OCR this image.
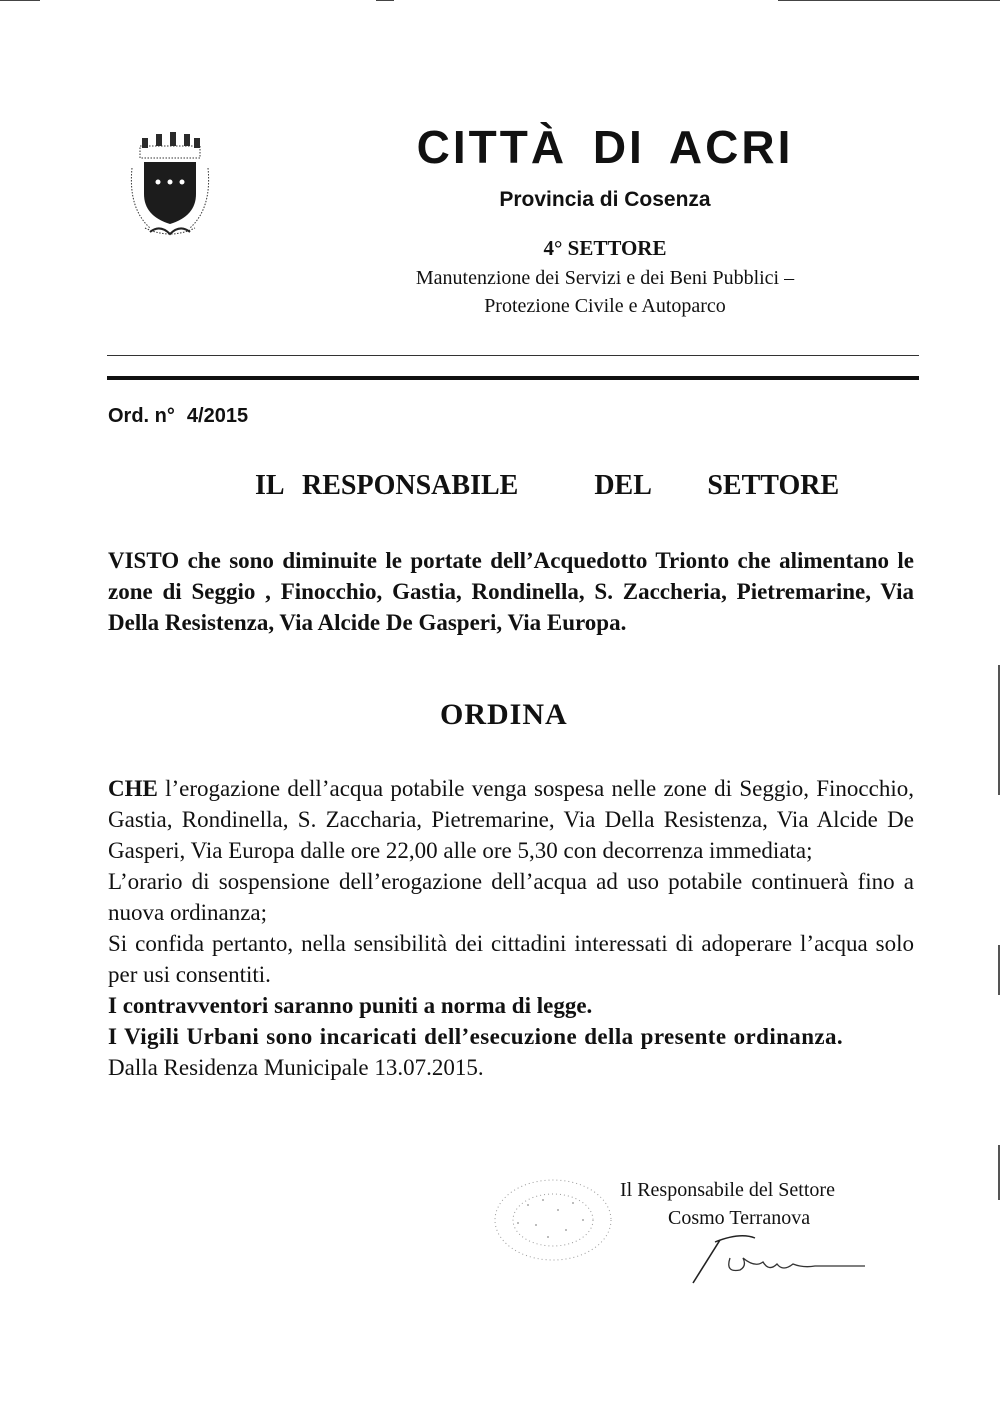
CITTÀ DI ACRI
Provincia di Cosenza
4° SETTORE
Manutenzione dei Servizi e dei Beni Pubblici –
Protezione Civile e Autoparco
Ord. n° 4/2015
IL RESPONSABILE    DEL   SETTORE
VISTO che sono diminuite le portate dell’Acquedotto Trionto che alimentano le zone di Seggio , Finocchio, Gastia, Rondinella, S. Zaccheria, Pietremarine, Via Della Resistenza, Via Alcide De Gasperi, Via Europa.
ORDINA

CHE l’erogazione dell’acqua potabile venga sospesa nelle zone di Seggio, Finocchio, Gastia, Rondinella, S. Zaccharia, Pietremarine, Via Della Resistenza, Via Alcide De Gasperi, Via Europa dalle ore 22,00 alle ore 5,30 con decorrenza immediata;

L’orario di sospensione dell’erogazione dell’acqua ad uso potabile continuerà fino a nuova ordinanza;

Si confida pertanto, nella sensibilità dei cittadini interessati di adoperare l’acqua solo per usi consentiti.

I contravventori saranno puniti a norma di legge.

I Vigili Urbani sono incaricati dell’esecuzione della presente ordinanza.

Dalla Residenza Municipale 13.07.2015.

Il Responsabile del Settore
Cosmo Terranova
